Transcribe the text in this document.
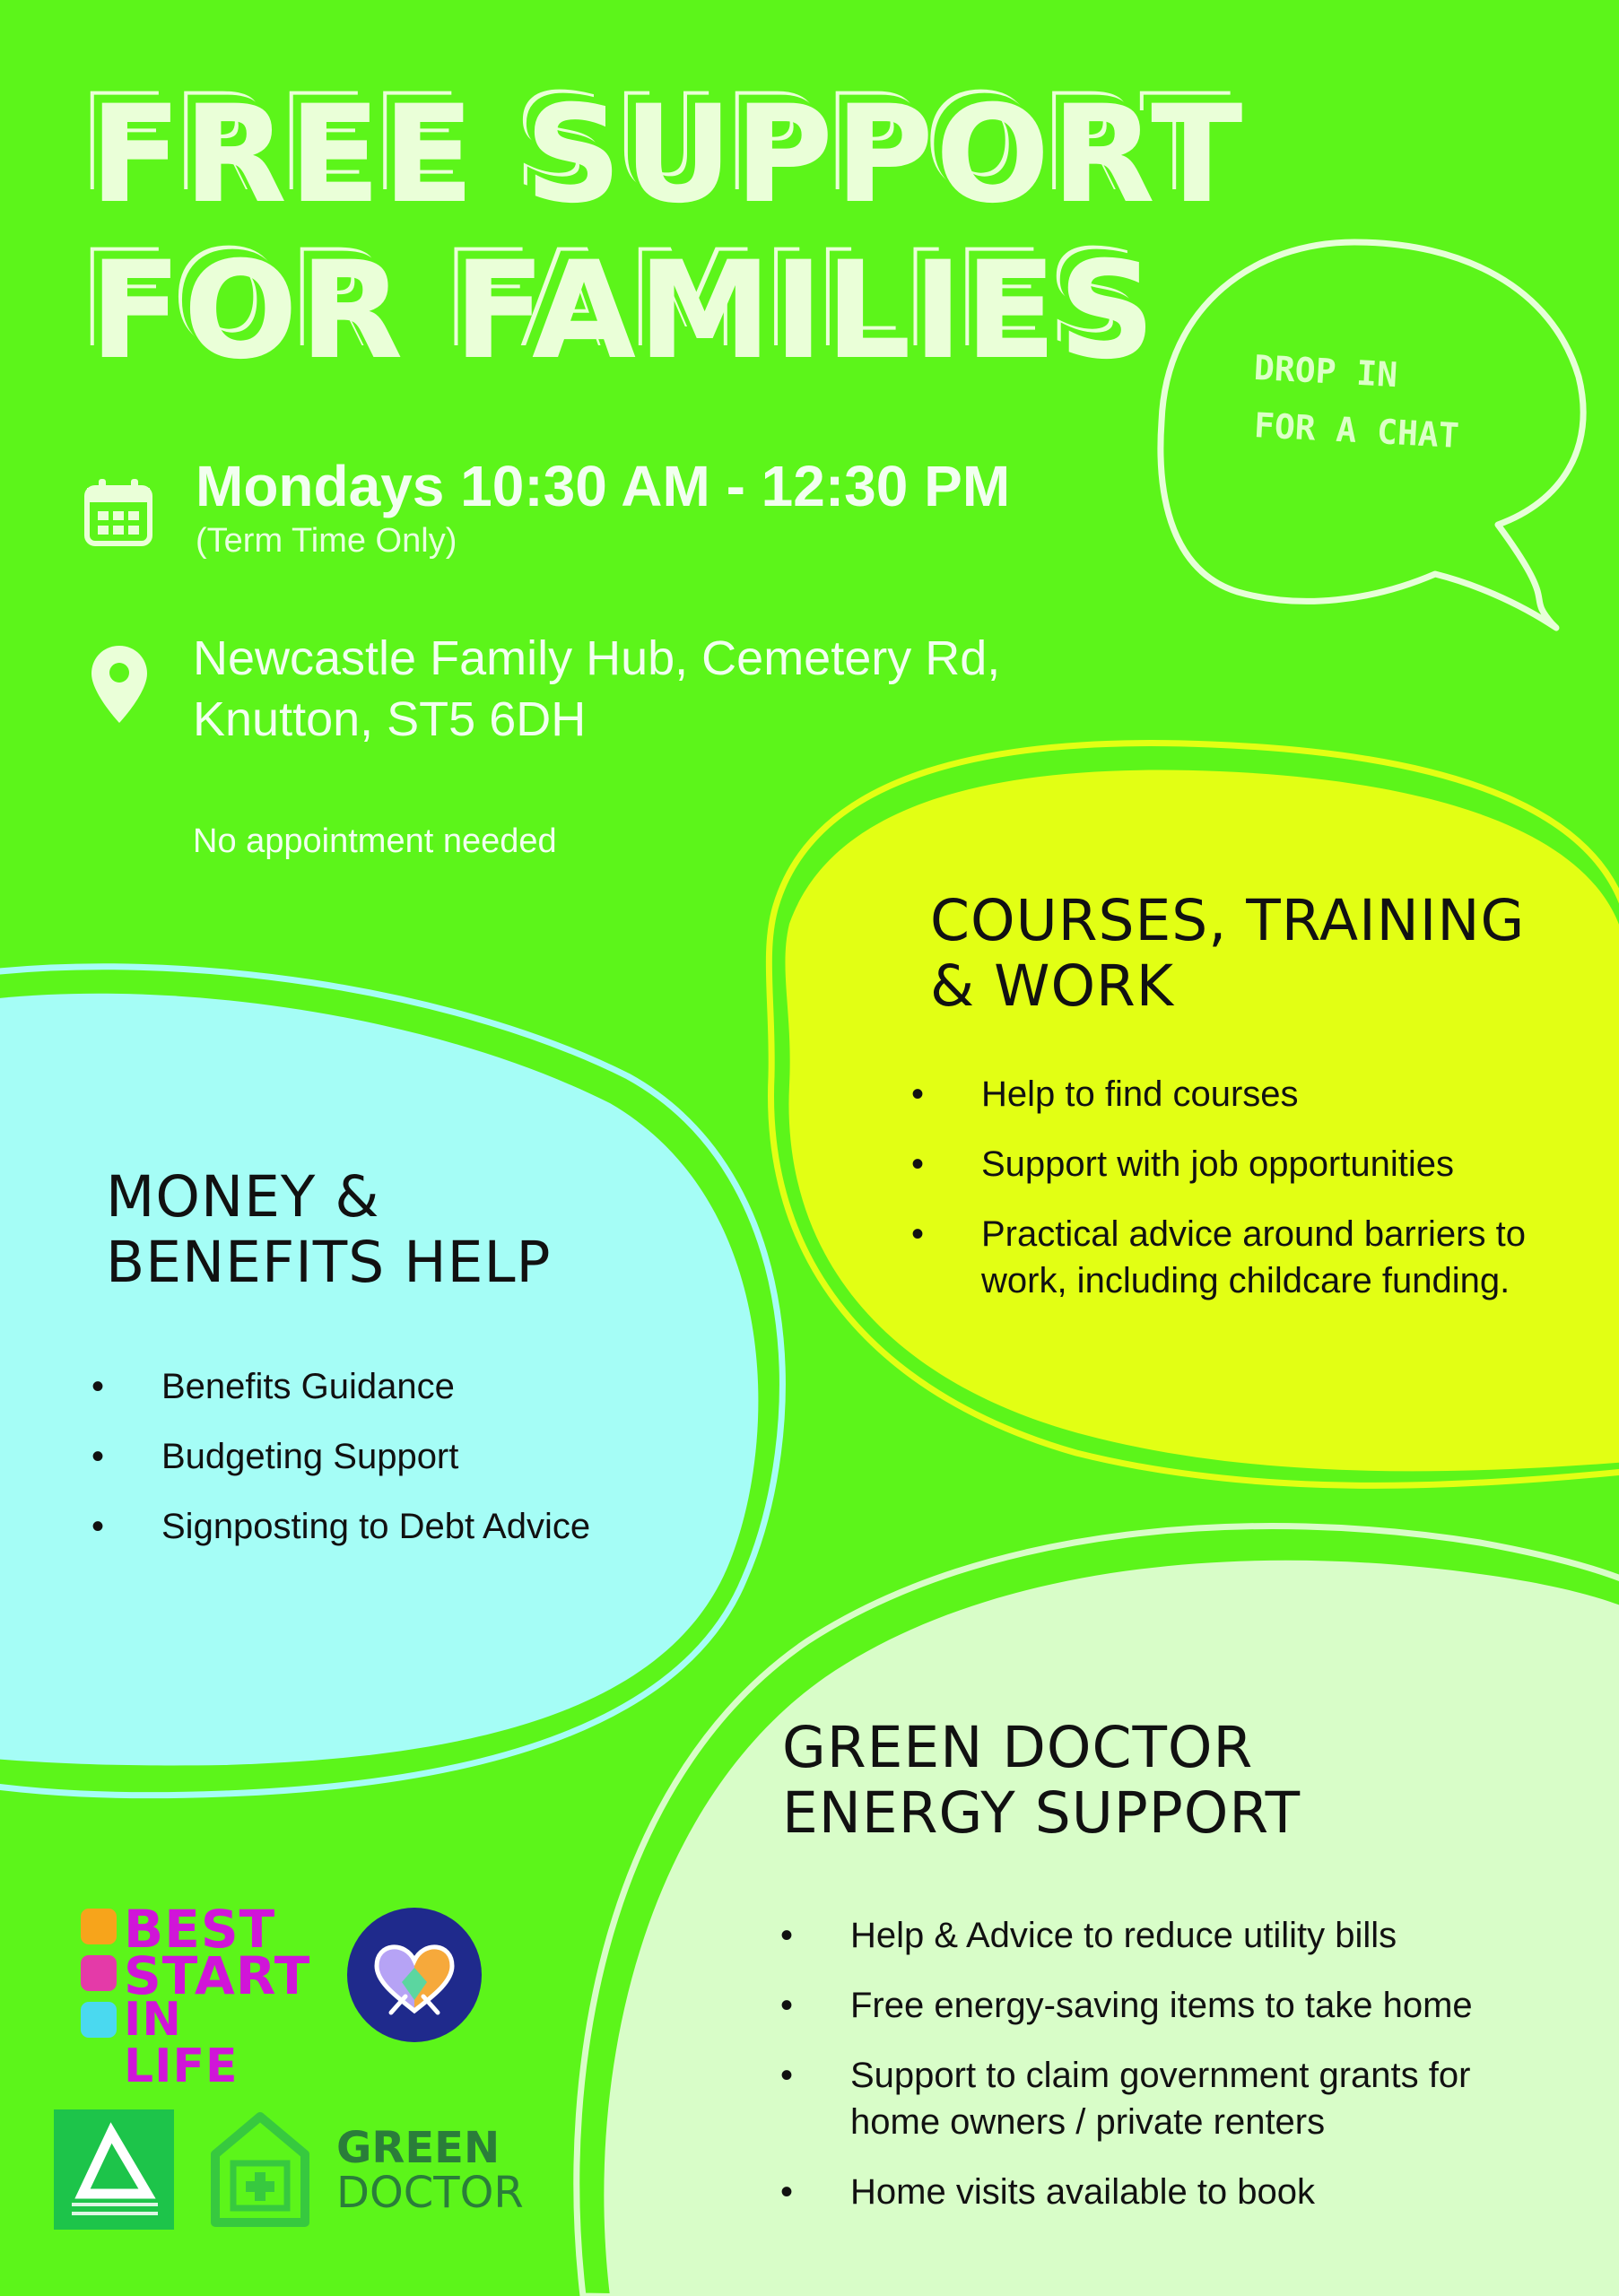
FREE SUPPORT
FOR FAMILIES	DROP IN
FOR A CHAT
Mondays 10:30 AM - 12:30 PM
(Term Time Only)
Newcastle Family Hub, Cemetery Rd,
Knutton, ST5 6DH
No appointment needed
COURSES, TRAINING
& WORK
• Help to find courses
• Support with job opportunities
• Practical advice around barriers to work, including childcare funding.
MONEY &
BENEFITS HELP
• Benefits Guidance
• Budgeting Support
• Signposting to Debt Advice
GREEN DOCTOR
ENERGY SUPPORT
• Help & Advice to reduce utility bills
• Free energy-saving items to take home
• Support to claim government grants for home owners / private renters
• Home visits available to book
BEST
START
IN LIFE
GREEN
DOCTOR
